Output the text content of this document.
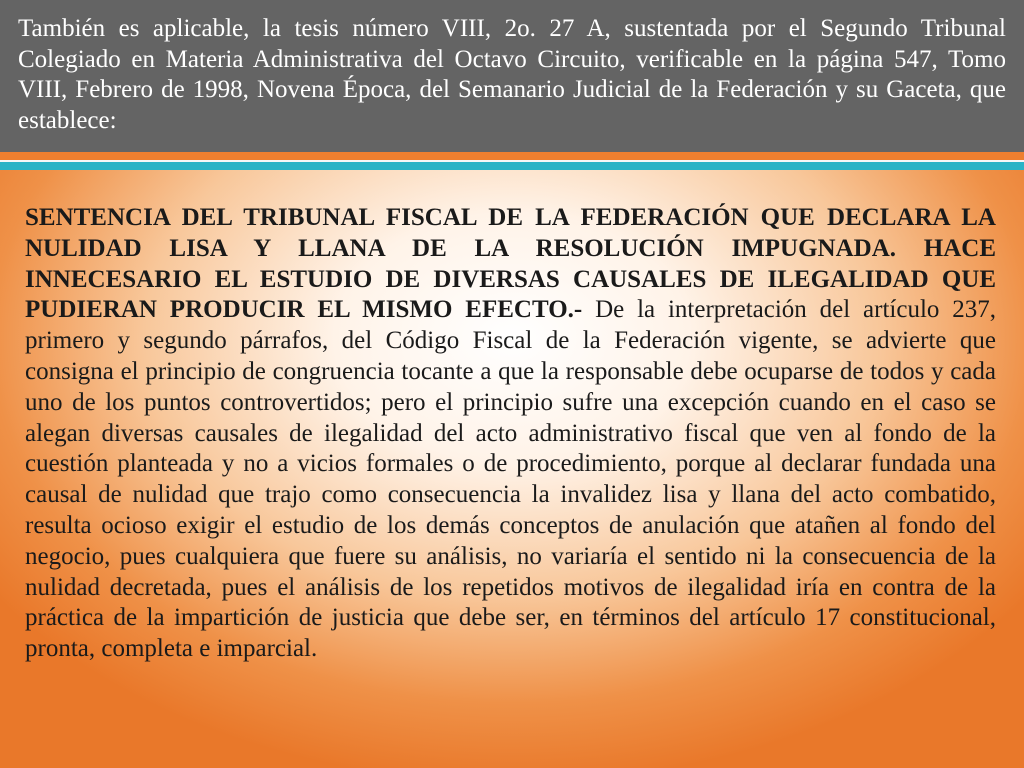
También es aplicable, la tesis número VIII, 2o. 27 A, sustentada por el Segundo Tribunal Colegiado en Materia Administrativa del Octavo Circuito, verificable en la página 547, Tomo VIII, Febrero de 1998, Novena Época, del Semanario Judicial de la Federación y su Gaceta, que establece:

SENTENCIA DEL TRIBUNAL FISCAL DE LA FEDERACIÓN QUE DECLARA LA NULIDAD LISA Y LLANA DE LA RESOLUCIÓN IMPUGNADA. HACE INNECESARIO EL ESTUDIO DE DIVERSAS CAUSALES DE ILEGALIDAD QUE PUDIERAN PRODUCIR EL MISMO EFECTO.- De la interpretación del artículo 237, primero y segundo párrafos, del Código Fiscal de la Federación vigente, se advierte que consigna el principio de congruencia tocante a que la responsable debe ocuparse de todos y cada uno de los puntos controvertidos; pero el principio sufre una excepción cuando en el caso se alegan diversas causales de ilegalidad del acto administrativo fiscal que ven al fondo de la cuestión planteada y no a vicios formales o de procedimiento, porque al declarar fundada una causal de nulidad que trajo como consecuencia la invalidez lisa y llana del acto combatido, resulta ocioso exigir el estudio de los demás conceptos de anulación que atañen al fondo del negocio, pues cualquiera que fuere su análisis, no variaría el sentido ni la consecuencia de la nulidad decretada, pues el análisis de los repetidos motivos de ilegalidad iría en contra de la práctica de la impartición de justicia que debe ser, en términos del artículo 17 constitucional, pronta, completa e imparcial.
